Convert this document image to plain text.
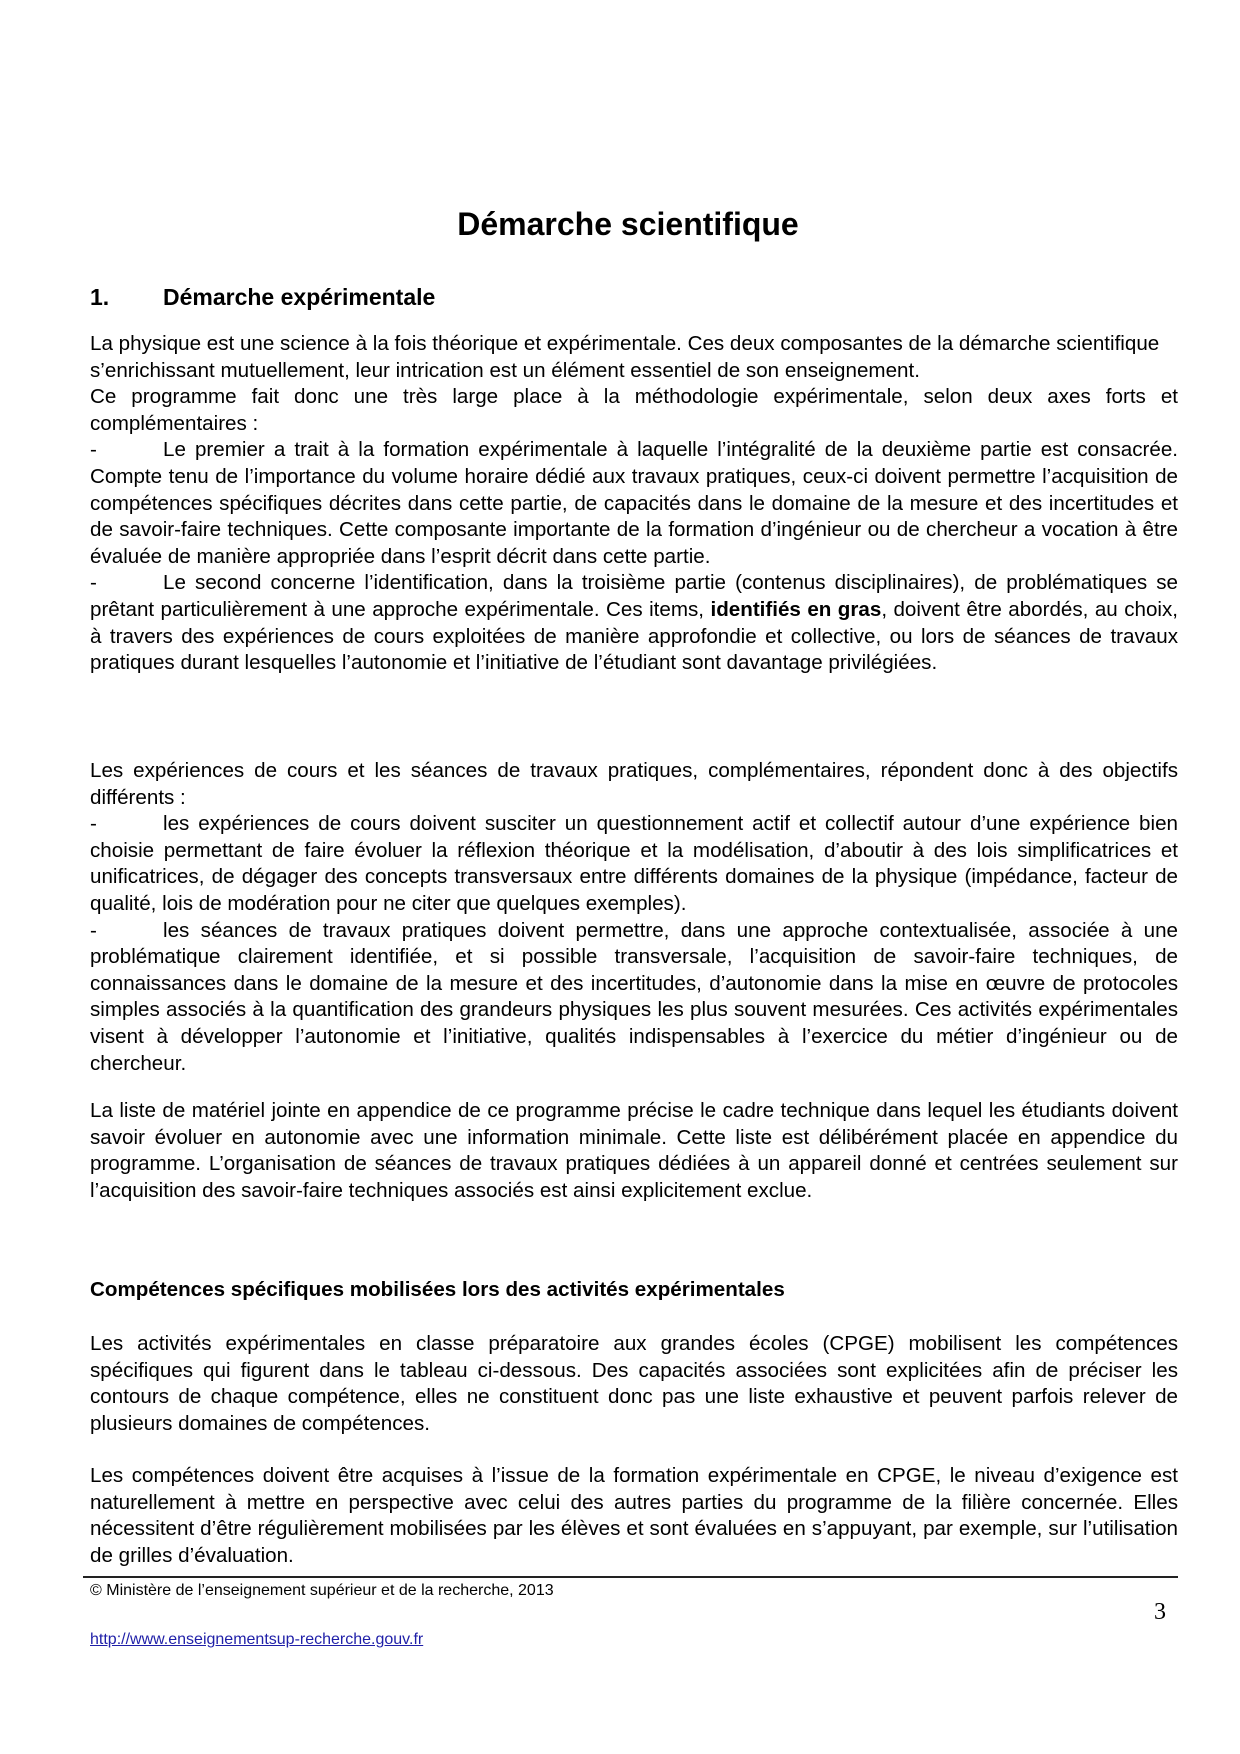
Démarche scientifique
1. Démarche expérimentale

La physique est une science à la fois théorique et expérimentale. Ces deux composantes de la démarche scientifique s’enrichissant mutuellement, leur intrication est un élément essentiel de son enseignement.

Ce programme fait donc une très large place à la méthodologie expérimentale, selon deux axes forts et complémentaires :

-	Le premier a trait à la formation expérimentale à laquelle l’intégralité de la deuxième partie est consacrée. Compte tenu de l’importance du volume horaire dédié aux travaux pratiques, ceux-ci doivent permettre l’acquisition de compétences spécifiques décrites dans cette partie, de capacités dans le domaine de la mesure et des incertitudes et de savoir-faire techniques. Cette composante importante de la formation d’ingénieur ou de chercheur a vocation à être évaluée de manière appropriée dans l’esprit décrit dans cette partie.

-	Le second concerne l’identification, dans la troisième partie (contenus disciplinaires), de problématiques se prêtant particulièrement à une approche expérimentale. Ces items, identifiés en gras, doivent être abordés, au choix, à travers des expériences de cours exploitées de manière approfondie et collective, ou lors de séances de travaux pratiques durant lesquelles l’autonomie et l’initiative de l’étudiant sont davantage privilégiées.

Les expériences de cours et les séances de travaux pratiques, complémentaires, répondent donc à des objectifs différents :

-	les expériences de cours doivent susciter un questionnement actif et collectif autour d’une expérience bien choisie permettant de faire évoluer la réflexion théorique et la modélisation, d’aboutir à des lois simplificatrices et unificatrices, de dégager des concepts transversaux entre différents domaines de la physique (impédance, facteur de qualité, lois de modération pour ne citer que quelques exemples).

-	les séances de travaux pratiques doivent permettre, dans une approche contextualisée, associée à une problématique clairement identifiée, et si possible transversale, l’acquisition de savoir-faire techniques, de connaissances dans le domaine de la mesure et des incertitudes, d’autonomie dans la mise en œuvre de protocoles simples associés à la quantification des grandeurs physiques les plus souvent mesurées. Ces activités expérimentales visent à développer l’autonomie et l’initiative, qualités indispensables à l’exercice du métier d’ingénieur ou de chercheur.

La liste de matériel jointe en appendice de ce programme précise le cadre technique dans lequel les étudiants doivent savoir évoluer en autonomie avec une information minimale. Cette liste est délibérément placée en appendice du programme. L’organisation de séances de travaux pratiques dédiées à un appareil donné et centrées seulement sur l’acquisition des savoir-faire techniques associés est ainsi explicitement exclue.

Compétences spécifiques mobilisées lors des activités expérimentales

Les activités expérimentales en classe préparatoire aux grandes écoles (CPGE) mobilisent les compétences spécifiques qui figurent dans le tableau ci-dessous. Des capacités associées sont explicitées afin de préciser les contours de chaque compétence, elles ne constituent donc pas une liste exhaustive et peuvent parfois relever de plusieurs domaines de compétences.

Les compétences doivent être acquises à l’issue de la formation expérimentale en CPGE, le niveau d’exigence est naturellement à mettre en perspective avec celui des autres parties du programme de la filière concernée. Elles nécessitent d’être régulièrement mobilisées par les élèves et sont évaluées en s’appuyant, par exemple, sur l’utilisation de grilles d’évaluation.

© Ministère de l’enseignement supérieur et de la recherche, 2013
3
http://www.enseignementsup-recherche.gouv.fr
